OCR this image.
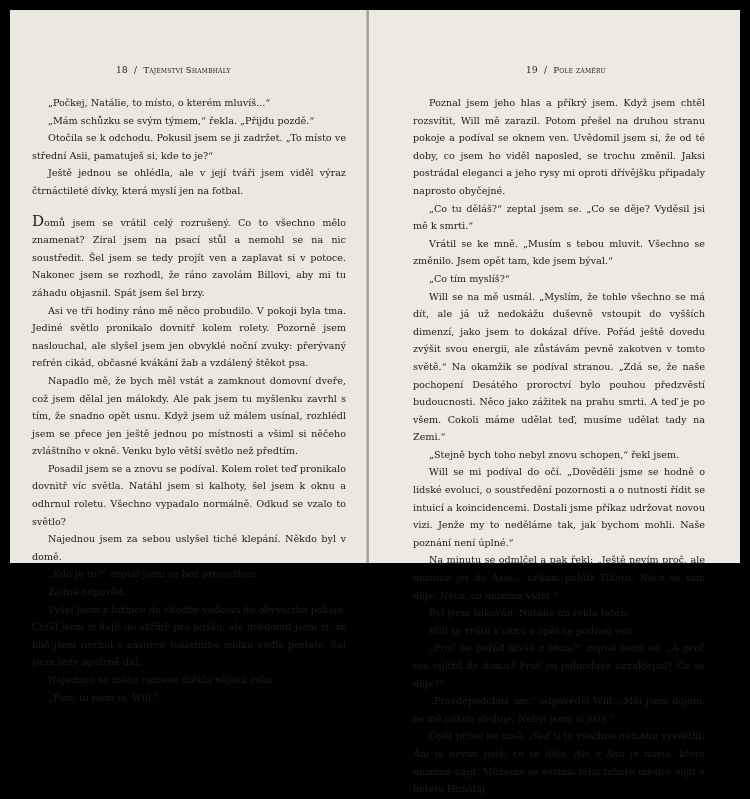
18 / Tajemství Shambhaly

„Počkej, Natálie, to místo, o kterém mluvíš...“

„Mám schůzku se svým týmem,“ řekla. „Přijdu pozdě.“

Otočila se k odchodu. Pokusil jsem se ji zadržet. „To místo ve střední Asii, pamatuješ si, kde to je?“

Ještě jednou se ohlédla, ale v její tváři jsem viděl výraz čtrnáctileté dívky, která myslí jen na fotbal.

Domů jsem se vrátil celý rozrušený. Co to všechno mělo znamenat? Zíral jsem na psací stůl a nemohl se na nic soustředit. Šel jsem se tedy projít ven a zaplavat si v potoce. Nakonec jsem se rozhodl, že ráno zavolám Billovi, aby mi tu záhadu objasnil. Spát jsem šel brzy.

Asi ve tři hodiny ráno mě něco probudilo. V pokoji byla tma. Jediné světlo pronikalo dovnitř kolem rolety. Pozorně jsem naslouchal, ale slyšel jsem jen obvyklé noční zvuky: přerývaný refrén cikád, občasné kvákání žab a vzdálený štěkot psa.

Napadlo mě, že bych měl vstát a zamknout domovní dveře, což jsem dělal jen málokdy. Ale pak jsem tu myšlenku zavrhl s tím, že snadno opět usnu. Když jsem už málem usínal, rozhlédl jsem se přece jen ještě jednou po místnosti a všiml si něčeho zvláštního v okně. Venku bylo větší světlo než předtím.

Posadil jsem se a znovu se podíval. Kolem rolet teď pronikalo dovnitř víc světla. Natáhl jsem si kalhoty, šel jsem k oknu a odhrnul roletu. Všechno vypadalo normálně. Odkud se vzalo to světlo?

Najednou jsem za sebou uslyšel tiché klepání. Někdo byl v domě.

„Kdo je tu?“ zeptal jsem se bez přemýšlení.

Žádná odpověď.

Vyšel jsem z ložnice do chodby vedoucí do obývacího pokoje. Chtěl jsem si dojít do skříně pro pušku, ale uvědomil jsem si, že klíč jsem nechal v zásuvce toaletního stolku vedle postele. Šel jsem tedy opatrně dál.

Najednou se mého ramene dotkla nějaká ruka.

„Psst, to jsem já, Will.“

19 / Pole záměru

Poznal jsem jeho hlas a příkrý jsem. Když jsem chtěl rozsvítit, Will mě zarazil. Potom přešel na druhou stranu pokoje a podíval se oknem ven. Uvědomil jsem si, že od té doby, co jsem ho viděl naposled, se trochu změnil. Jaksi postrádal eleganci a jeho rysy mi oproti dřívějšku připadaly naprosto obyčejné.

„Co tu děláš?“ zeptal jsem se. „Co se děje? Vyděsil jsi mě k smrti.“

Vrátil se ke mně. „Musím s tebou mluvit. Všechno se změnilo. Jsem opět tam, kde jsem býval.“

„Co tím myslíš?“

Will se na mě usmál. „Myslím, že tohle všechno se má dít, ale já už nedokážu duševně vstoupit do vyšších dimenzí, jako jsem to dokázal dříve. Pořád ještě dovedu zvýšit svou energii, ale zůstávám pevně zakotven v tomto světě.“ Na okamžik se podíval stranou. „Zdá se, že naše pochopení Desátého proroctví bylo pouhou předzvěstí budoucnosti. Něco jako zážitek na prahu smrti. A teď je po všem. Cokoli máme udělat teď, musíme udělat tady na Zemi.“

„Stejně bych toho nebyl znovu schopen,“ řekl jsem.

Will se mi podíval do očí. „Dověděli jsme se hodně o lidské evoluci, o soustředění pozornosti a o nutnosti řídit se intuicí a koincidencemi. Dostali jsme příkaz udržovat novou vizi. Jenže my to neděláme tak, jak bychom mohli. Naše poznání není úplné.“

Na minutu se odmlčel a pak řekl: „Ještě nevím proč, ale musíme jet do Asie... někam poblíž Tibetu. Něco se tam děje. Něco, co musíme vidět.“

Byl jsem šokován. Natálie mi řekla totéž.

Will se vrátil k oknu a opět se podíval ven.

„Proč se pořád díváš z okna?“ zeptal jsem se. „A proč ses vplížil do domu? Proč jsi jednoduše nezaklepal? Co se děje?“

„Pravděpodobně nic,“ odpověděl Will. „Měl jsem dojem, že mě někdo sleduje. Nebyl jsem si jistý.“

Opět přišel ke mně. „Teď ti to všechno nemohu vysvětlit. Ani já nevím jistě, co se děje. Ale v Asii je místo, které musíme najít. Můžeme se šestnáctého tohoto měsíce sejít v hotelu Himálaj
